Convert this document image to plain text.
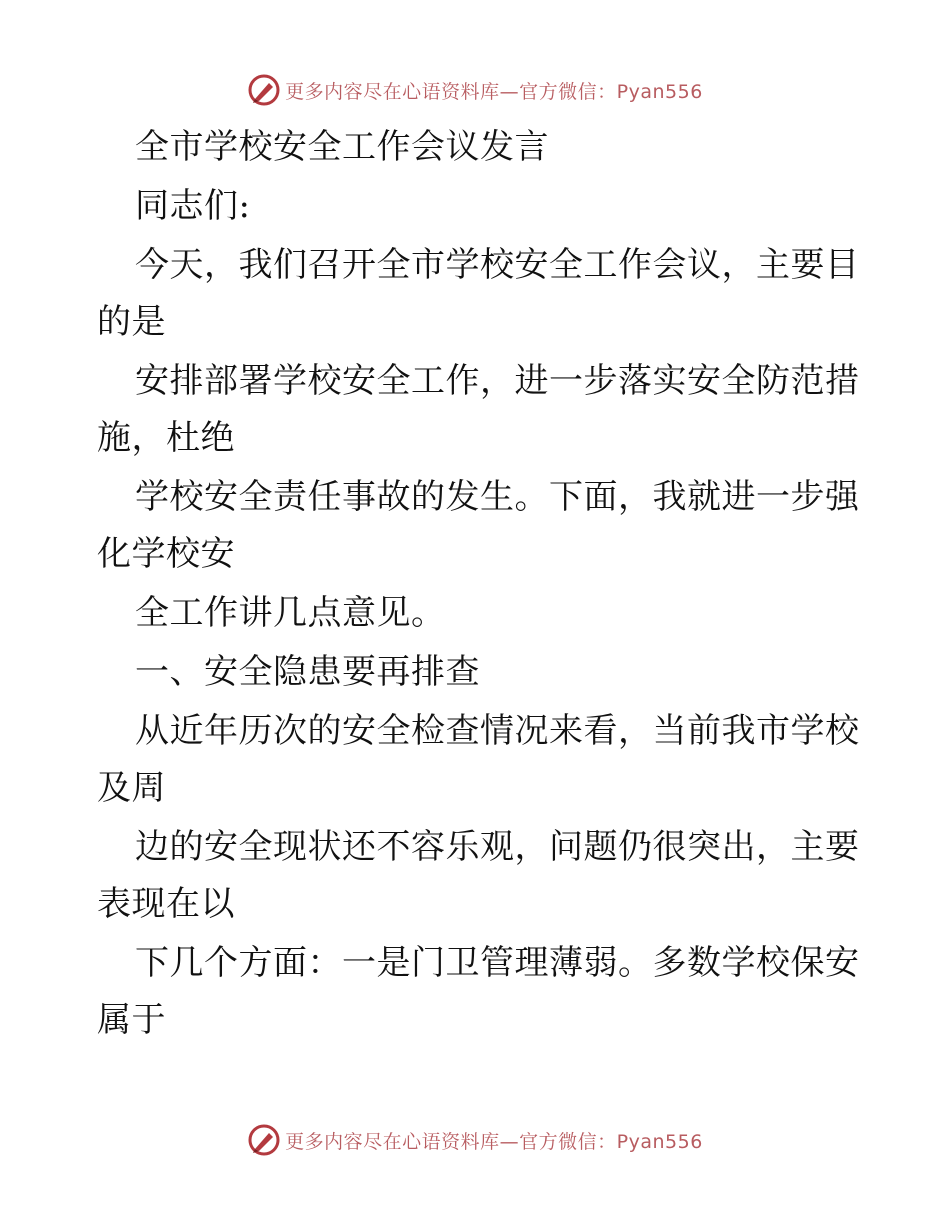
更多内容尽在心语资料库—官方微信：Pyan556
全市学校安全工作会议发言
同志们:
今天，我们召开全市学校安全工作会议，主要目
的是
安排部署学校安全工作，进一步落实安全防范措
施，杜绝
学校安全责任事故的发生。下面，我就进一步强
化学校安
全工作讲几点意见。
一、安全隐患要再排查
从近年历次的安全检查情况来看，当前我市学校
及周
边的安全现状还不容乐观，问题仍很突出，主要
表现在以
下几个方面：一是门卫管理薄弱。多数学校保安
属于
更多内容尽在心语资料库—官方微信：Pyan556
